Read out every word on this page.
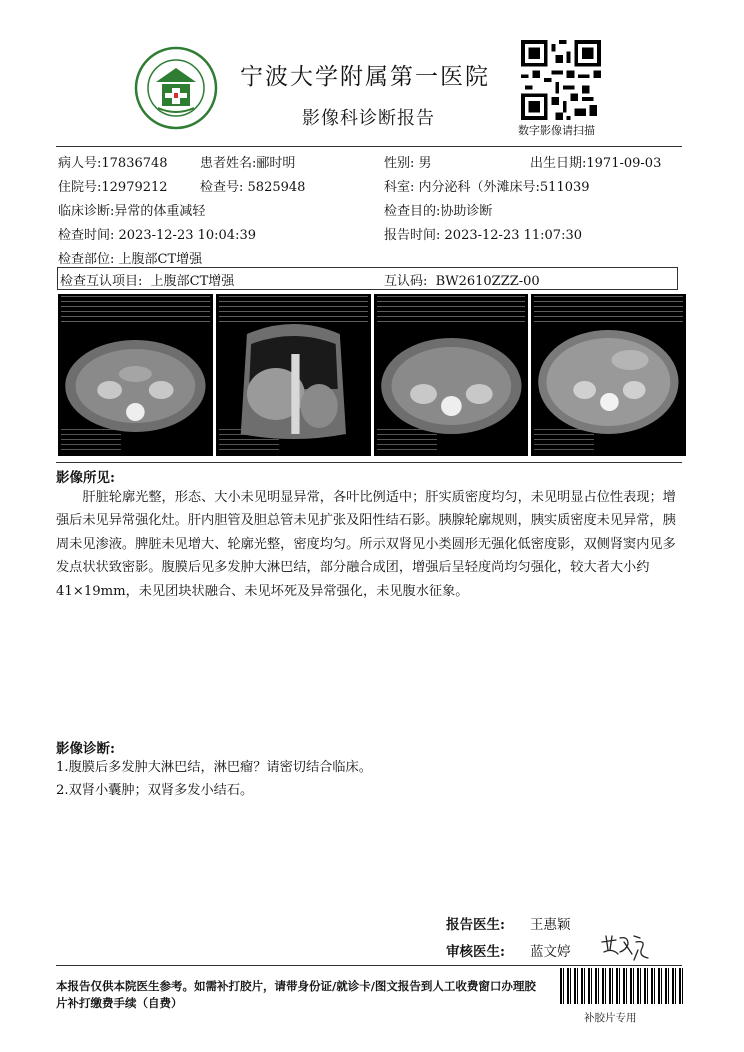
宁波大学附属第一医院
影像科诊断报告
数字影像请扫描
病人号:17836748 患者姓名:郦时明	性别: 男	出生日期:1971-09-03
住院号:12979212 检查号: 5825948	科室: 内分泌科（外滩床号:511039
临床诊断:异常的体重减轻	检查目的:协助诊断
检查时间: 2023-12-23 10:04:39	报告时间: 2023-12-23 11:07:30
检查部位: 上腹部CT增强
检查互认项目: 上腹部CT增强	互认码: BW2610ZZZ-00
影像所见:
肝脏轮廓光整，形态、大小未见明显异常，各叶比例适中；肝实质密度均匀，未见明显占位性表现；增强后未见异常强化灶。肝内胆管及胆总管未见扩张及阳性结石影。胰腺轮廓规则，胰实质密度未见异常，胰周未见渗液。脾脏未见增大、轮廓光整，密度均匀。所示双肾见小类圆形无强化低密度影，双侧肾窦内见多发点状状致密影。腹膜后见多发肿大淋巴结，部分融合成团，增强后呈轻度尚均匀强化，较大者大小约41×19mm，未见团块状融合、未见坏死及异常强化，未见腹水征象。
影像诊断:
1.腹膜后多发肿大淋巴结，淋巴瘤？请密切结合临床。
2.双肾小囊肿；双肾多发小结石。
报告医生: 王惠颖
审核医生: 蓝文婷
本报告仅供本院医生参考。如需补打胶片，请带身份证/就诊卡/图文报告到人工收费窗口办理胶片补打缴费手续（自费）
补胶片专用
